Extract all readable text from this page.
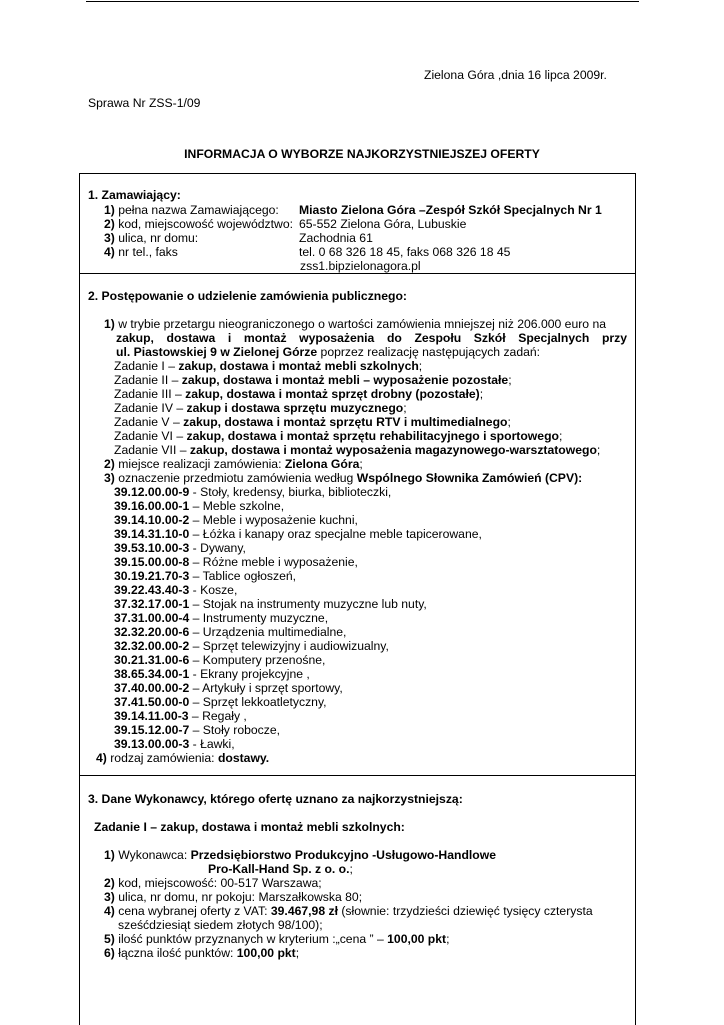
Zielona Góra ,dnia 16 lipca 2009r.
Sprawa Nr ZSS-1/09
INFORMACJA O WYBORZE NAJKORZYSTNIEJSZEJ OFERTY
1. Zamawiający:
1) pełna nazwa Zamawiającego: Miasto Zielona Góra –Zespół Szkół Specjalnych Nr 1
2) kod, miejscowość województwo: 65-552 Zielona Góra, Lubuskie
3) ulica, nr domu:	Zachodnia 61
4) nr tel., faks	tel. 0 68 326 18 45, faks 068 326 18 45
zss1.bipzielonagora.pl
2. Postępowanie o udzielenie zamówienia publicznego:
1) w trybie przetargu nieograniczonego o wartości zamówienia mniejszej niż 206.000 euro na
zakup, dostawa i montaż wyposażenia do Zespołu Szkół Specjalnych przy
ul. Piastowskiej 9 w Zielonej Górze poprzez realizację następujących zadań:
Zadanie I – zakup, dostawa i montaż mebli szkolnych;
Zadanie II – zakup, dostawa i montaż mebli – wyposażenie pozostałe;
Zadanie III – zakup, dostawa i montaż sprzęt drobny (pozostałe);
Zadanie IV – zakup i dostawa sprzętu muzycznego;
Zadanie V – zakup, dostawa i montaż sprzętu RTV i multimedialnego;
Zadanie VI – zakup, dostawa i montaż sprzętu rehabilitacyjnego i sportowego;
Zadanie VII – zakup, dostawa i montaż wyposażenia magazynowego-warsztatowego;
2) miejsce realizacji zamówienia: Zielona Góra;
3) oznaczenie przedmiotu zamówienia według Wspólnego Słownika Zamówień (CPV):
39.12.00.00-9 - Stoły, kredensy, biurka, biblioteczki,
39.16.00.00-1 – Meble szkolne,
39.14.10.00-2 – Meble i wyposażenie kuchni,
39.14.31.10-0 – Łóżka i kanapy oraz specjalne meble tapicerowane,
39.53.10.00-3 - Dywany,
39.15.00.00-8 – Różne meble i wyposażenie,
30.19.21.70-3 – Tablice ogłoszeń,
39.22.43.40-3 - Kosze,
37.32.17.00-1 – Stojak na instrumenty muzyczne lub nuty,
37.31.00.00-4 – Instrumenty muzyczne,
32.32.20.00-6 – Urządzenia multimedialne,
32.32.00.00-2 – Sprzęt telewizyjny i audiowizualny,
30.21.31.00-6 – Komputery przenośne,
38.65.34.00-1 - Ekrany projekcyjne ,
37.40.00.00-2 – Artykuły i sprzęt sportowy,
37.41.50.00-0 – Sprzęt lekkoatletyczny,
39.14.11.00-3 – Regały ,
39.15.12.00-7 – Stoły robocze,
39.13.00.00-3 - Ławki,
4) rodzaj zamówienia: dostawy.
3. Dane Wykonawcy, którego ofertę uznano za najkorzystniejszą:
Zadanie I – zakup, dostawa i montaż mebli szkolnych:
1) Wykonawca: Przedsiębiorstwo Produkcyjno -Usługowo-Handlowe
Pro-Kall-Hand Sp. z o. o.;
2) kod, miejscowość: 00-517 Warszawa;
3) ulica, nr domu, nr pokoju: Marszałkowska 80;
4) cena wybranej oferty z VAT: 39.467,98 zł (słownie: trzydzieści dziewięć tysięcy czterysta
sześćdziesiąt siedem złotych 98/100);
5) ilość punktów przyznanych w kryterium :„cena ” – 100,00 pkt;
6) łączna ilość punktów: 100,00 pkt;
